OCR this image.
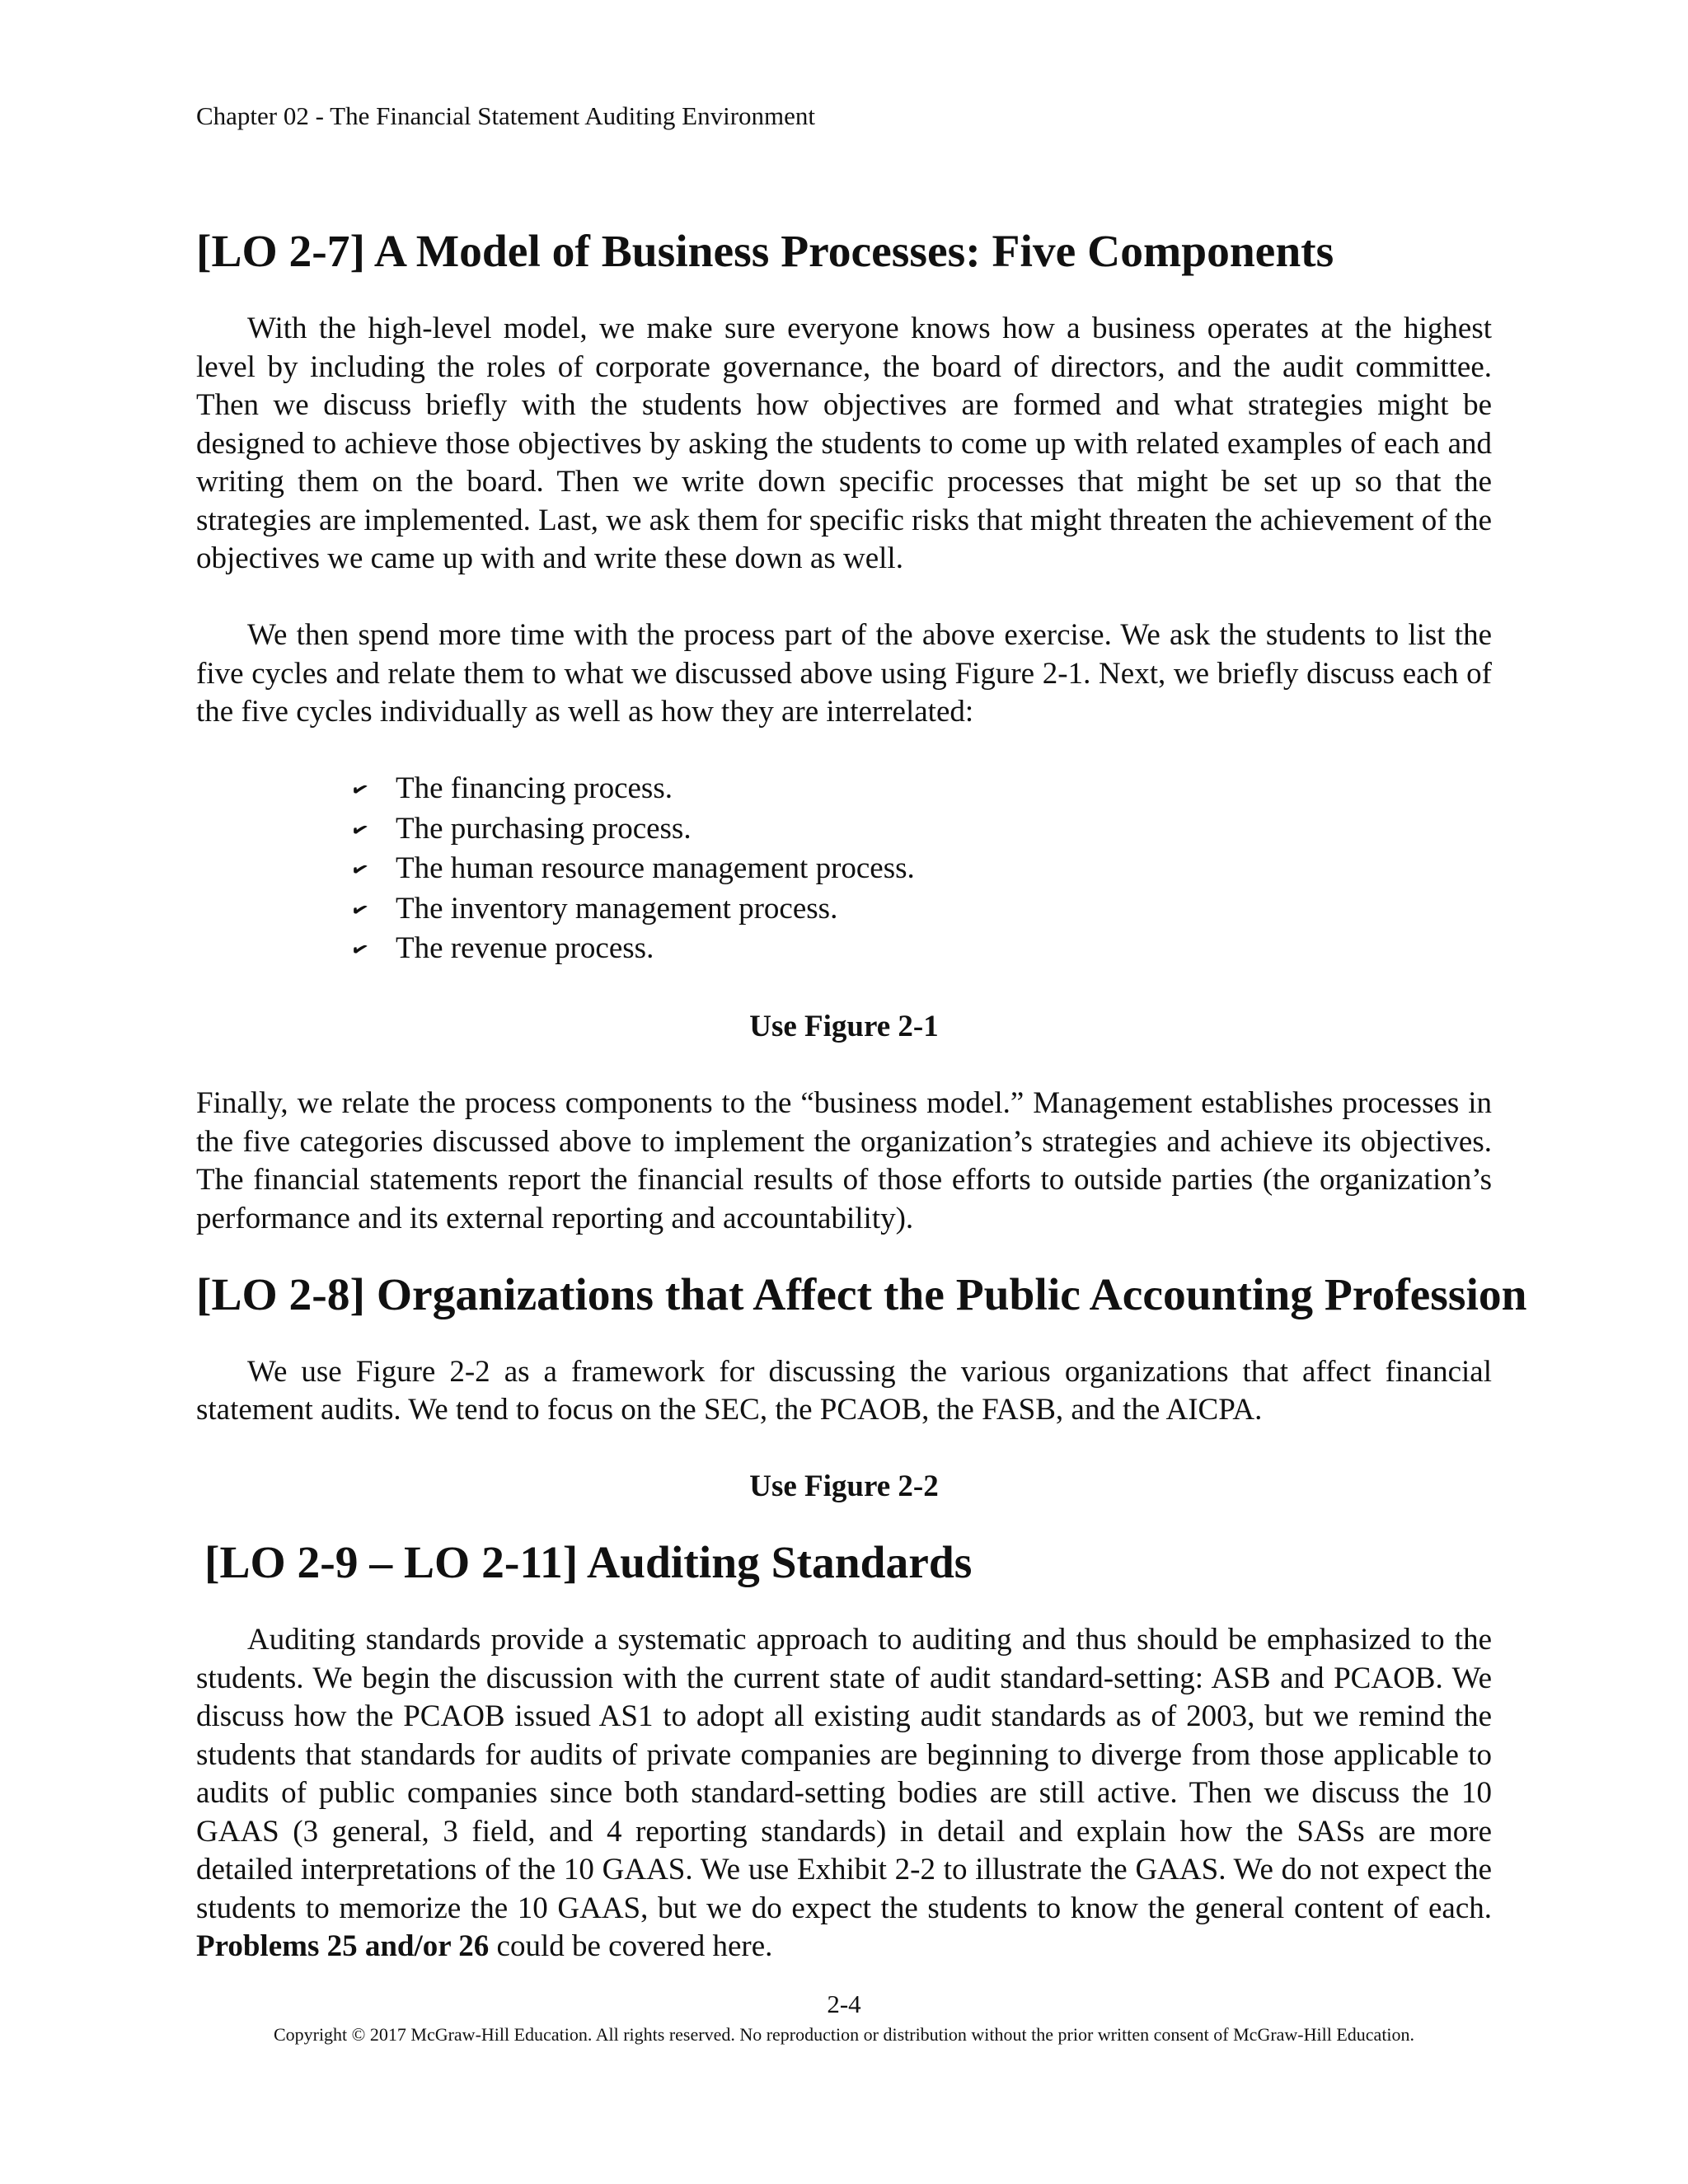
Chapter 02 - The Financial Statement Auditing Environment
[LO 2-7] A Model of Business Processes: Five Components

With the high-level model, we make sure everyone knows how a business operates at the highest level by including the roles of corporate governance, the board of directors, and the audit committee. Then we discuss briefly with the students how objectives are formed and what strategies might be designed to achieve those objectives by asking the students to come up with related examples of each and writing them on the board. Then we write down specific processes that might be set up so that the strategies are implemented. Last, we ask them for specific risks that might threaten the achievement of the objectives we came up with and write these down as well.

We then spend more time with the process part of the above exercise. We ask the students to list the five cycles and relate them to what we discussed above using Figure 2-1. Next, we briefly discuss each of the five cycles individually as well as how they are interrelated:

✔ The financing process.
✔ The purchasing process.
✔ The human resource management process.
✔ The inventory management process.
✔ The revenue process.

Use Figure 2-1

Finally, we relate the process components to the “business model.” Management establishes processes in the five categories discussed above to implement the organization’s strategies and achieve its objectives. The financial statements report the financial results of those efforts to outside parties (the organization’s performance and its external reporting and accountability).

[LO 2-8] Organizations that Affect the Public Accounting Profession

We use Figure 2-2 as a framework for discussing the various organizations that affect financial statement audits. We tend to focus on the SEC, the PCAOB, the FASB, and the AICPA.

Use Figure 2-2

[LO 2-9 – LO 2-11] Auditing Standards

Auditing standards provide a systematic approach to auditing and thus should be emphasized to the students. We begin the discussion with the current state of audit standard-setting: ASB and PCAOB. We discuss how the PCAOB issued AS1 to adopt all existing audit standards as of 2003, but we remind the students that standards for audits of private companies are beginning to diverge from those applicable to audits of public companies since both standard-setting bodies are still active. Then we discuss the 10 GAAS (3 general, 3 field, and 4 reporting standards) in detail and explain how the SASs are more detailed interpretations of the 10 GAAS. We use Exhibit 2-2 to illustrate the GAAS. We do not expect the students to memorize the 10 GAAS, but we do expect the students to know the general content of each. Problems 25 and/or 26 could be covered here.

2-4
Copyright © 2017 McGraw-Hill Education. All rights reserved. No reproduction or distribution without the prior written consent of McGraw-Hill Education.
